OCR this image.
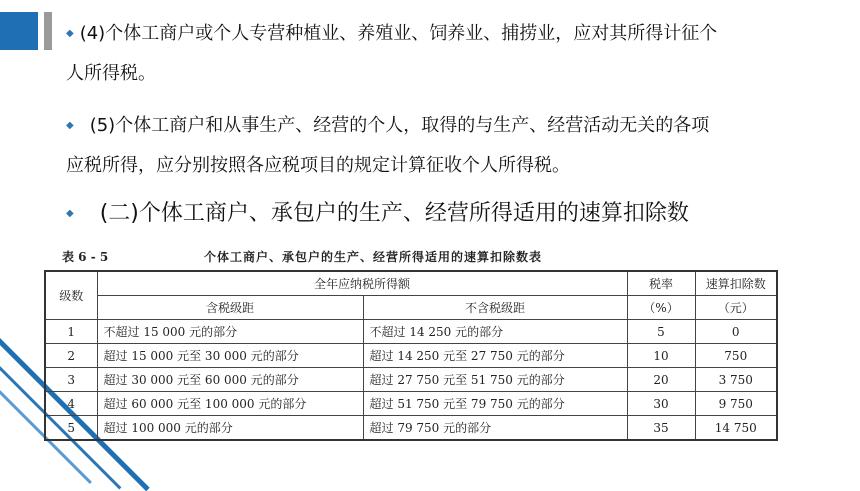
◆ (4)个体工商户或个人专营种植业、养殖业、饲养业、捕捞业，应对其所得计征个
人所得税。
◆ (5)个体工商户和从事生产、经营的个人，取得的与生产、经营活动无关的各项
应税所得，应分别按照各应税项目的规定计算征收个人所得税。
◆ (二)个体工商户、承包户的生产、经营所得适用的速算扣除数
表 6 - 5	个体工商户、承包户的生产、经营所得适用的速算扣除数表
级数	全年应纳税所得额		税率	速算扣除数
	含税级距	不含税级距	（%）	（元）
1	不超过 15 000 元的部分	不超过 14 250 元的部分	5	0
2	超过 15 000 元至 30 000 元的部分	超过 14 250 元至 27 750 元的部分	10	750
3	超过 30 000 元至 60 000 元的部分	超过 27 750 元至 51 750 元的部分	20	3 750
4	超过 60 000 元至 100 000 元的部分	超过 51 750 元至 79 750 元的部分	30	9 750
5	超过 100 000 元的部分	超过 79 750 元的部分	35	14 750
